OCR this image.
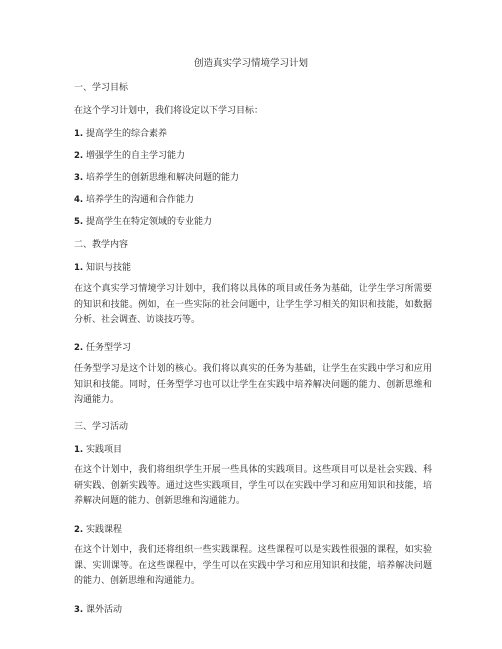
创造真实学习情境学习计划
一、学习目标
在这个学习计划中，我们将设定以下学习目标：
1. 提高学生的综合素养
2. 增强学生的自主学习能力
3. 培养学生的创新思维和解决问题的能力
4. 培养学生的沟通和合作能力
5. 提高学生在特定领域的专业能力
二、教学内容
1. 知识与技能
在这个真实学习情境学习计划中，我们将以具体的项目或任务为基础，让学生学习所需要的知识和技能。例如，在一些实际的社会问题中，让学生学习相关的知识和技能，如数据分析、社会调查、访谈技巧等。
2. 任务型学习
任务型学习是这个计划的核心。我们将以真实的任务为基础，让学生在实践中学习和应用知识和技能。同时，任务型学习也可以让学生在实践中培养解决问题的能力、创新思维和沟通能力。
三、学习活动
1. 实践项目
在这个计划中，我们将组织学生开展一些具体的实践项目。这些项目可以是社会实践、科研实践、创新实践等。通过这些实践项目，学生可以在实践中学习和应用知识和技能，培养解决问题的能力、创新思维和沟通能力。
2. 实践课程
在这个计划中，我们还将组织一些实践课程。这些课程可以是实践性很强的课程，如实验课、实训课等。在这些课程中，学生可以在实践中学习和应用知识和技能，培养解决问题的能力、创新思维和沟通能力。
3. 课外活动
